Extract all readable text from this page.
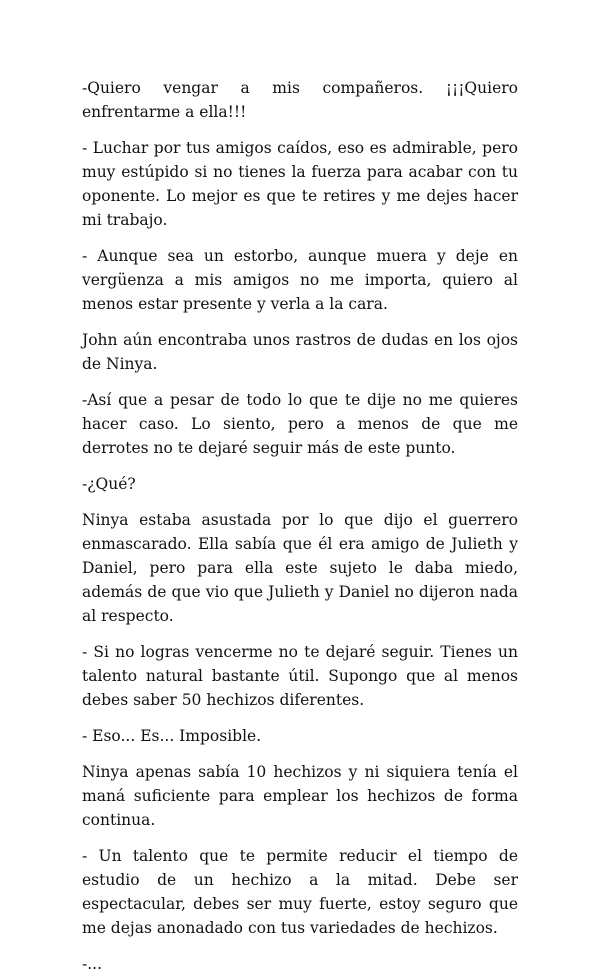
-Quiero vengar a mis compañeros. ¡¡¡Quiero enfrentarme a ella!!!

- Luchar por tus amigos caídos, eso es admirable, pero muy estúpido si no tienes la fuerza para acabar con tu oponente. Lo mejor es que te retires y me dejes hacer mi trabajo.

- Aunque sea un estorbo, aunque muera y deje en vergüenza a mis amigos no me importa, quiero al menos estar presente y verla a la cara.

John aún encontraba unos rastros de dudas en los ojos de Ninya.

-Así que a pesar de todo lo que te dije no me quieres hacer caso. Lo siento, pero a menos de que me derrotes no te dejaré seguir más de este punto.

-¿Qué?

Ninya estaba asustada por lo que dijo el guerrero enmascarado. Ella sabía que él era amigo de Julieth y Daniel, pero para ella este sujeto le daba miedo, además de que vio que Julieth y Daniel no dijeron nada al respecto.

- Si no logras vencerme no te dejaré seguir. Tienes un talento natural bastante útil. Supongo que al menos debes saber 50 hechizos diferentes.

- Eso... Es... Imposible.

Ninya apenas sabía 10 hechizos y ni siquiera tenía el maná suficiente para emplear los hechizos de forma continua.

- Un talento que te permite reducir el tiempo de estudio de un hechizo a la mitad. Debe ser espectacular, debes ser muy fuerte, estoy seguro que me dejas anonadado con tus variedades de hechizos.

-...
